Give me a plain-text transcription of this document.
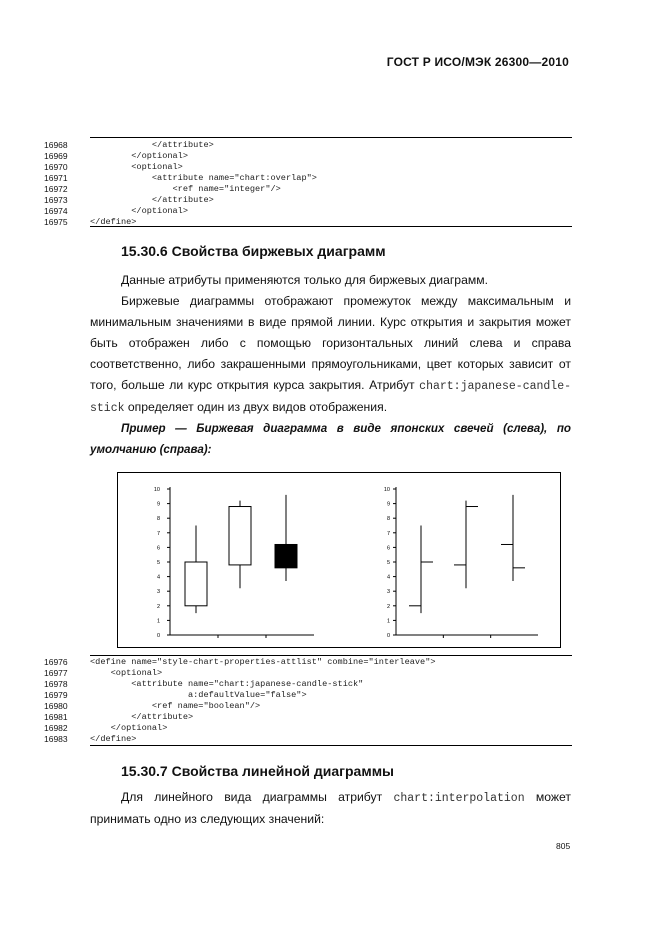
ГОСТ Р ИСО/МЭК 26300—2010
16968	</attribute>
16969	</optional>
16970	<optional>
16971	<attribute name="chart:overlap">
16972	<ref name="integer"/>
16973	</attribute>
16974	</optional>
16975	</define>
15.30.6 Свойства биржевых диаграмм
Данные атрибуты применяются только для биржевых диаграмм.
Биржевые диаграммы отображают промежуток между максимальным и минимальным значениями в виде прямой линии. Курс открытия и закрытия может быть отображен либо с помощью горизонтальных линий слева и справа соответственно, либо закрашенными прямоугольниками, цвет которых зависит от того, больше ли курс открытия курса закрытия. Атрибут chart:japanese-candle-stick определяет один из двух видов отображения.
Пример — Биржевая диаграмма в виде японских свечей (слева), по умолчанию (справа):
0
1
2
3
4
5
6
7
8
9
10
0
1
2
3
4
5
6
7
8
9
10
16976	<define name="style-chart-properties-attlist" combine="interleave">
16977	<optional>
16978	<attribute name="chart:japanese-candle-stick"
16979	a:defaultValue="false">
16980	<ref name="boolean"/>
16981	</attribute>
16982	</optional>
16983	</define>
15.30.7 Свойства линейной диаграммы
Для линейного вида диаграммы атрибут chart:interpolation может принимать одно из следующих значений:
805
